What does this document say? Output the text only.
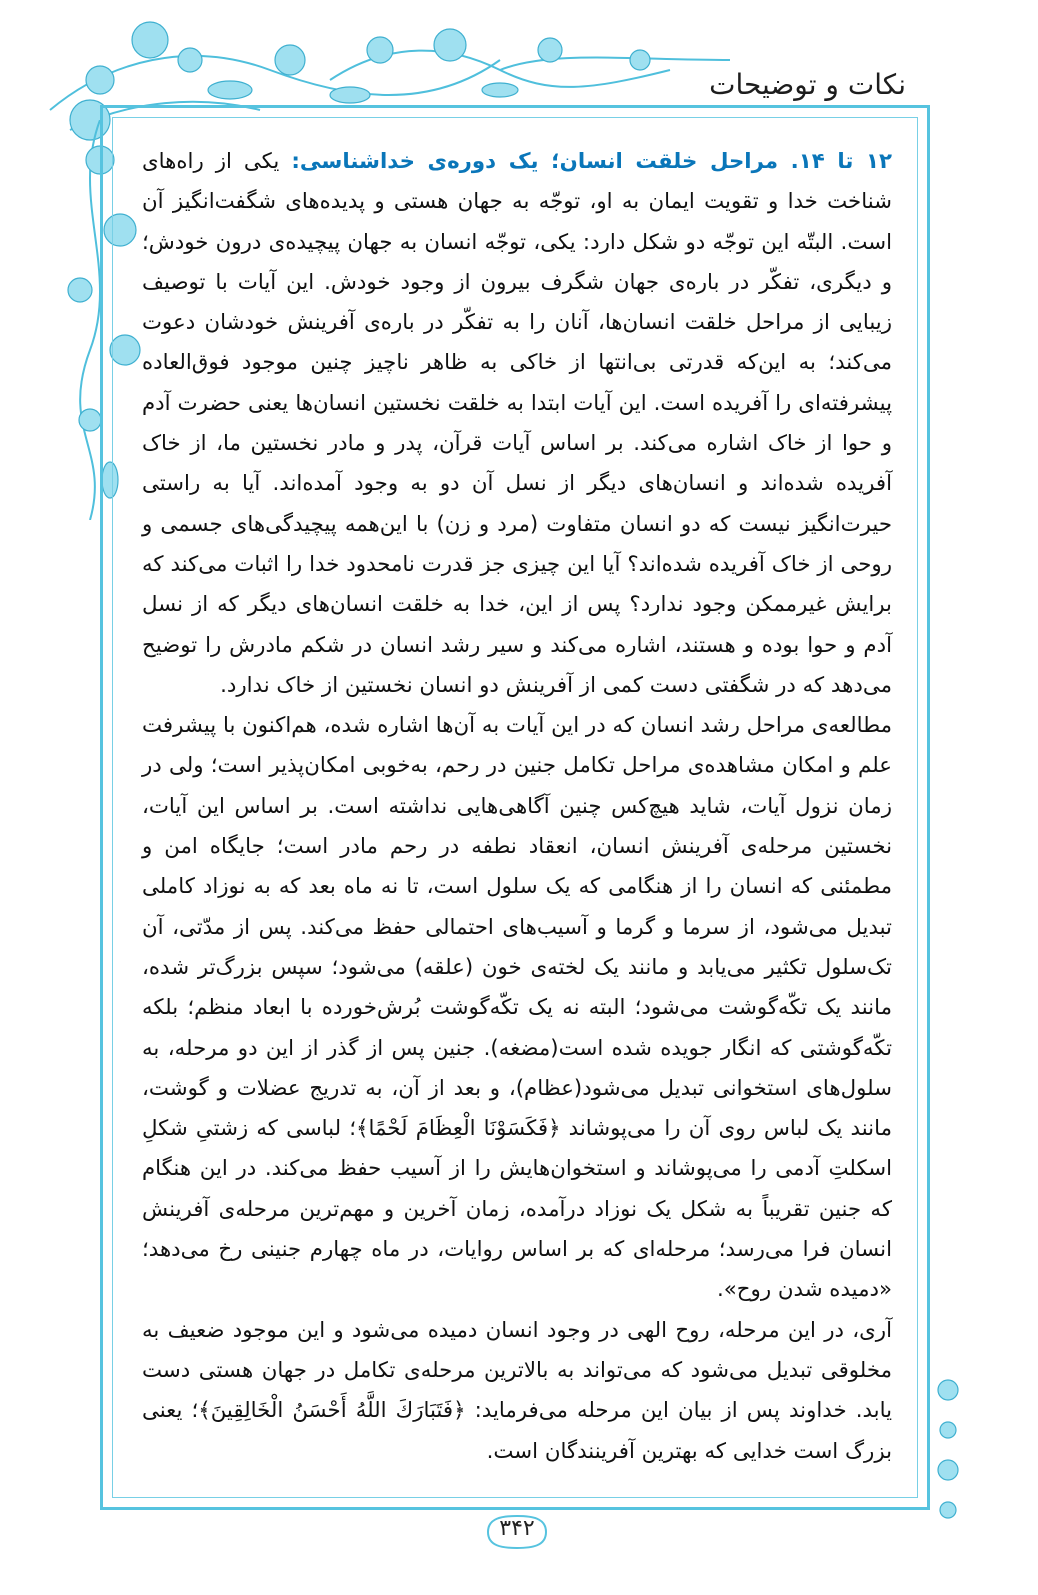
نکات و توضیحات

۱۲ تا ۱۴. مراحل خلقت انسان؛ یک دوره‌ی خداشناسی: یکی از راه‌های شناخت خدا و تقویت ایمان به او، توجّه به جهان هستی و پدیده‌های شگفت‌انگیز آن است. البتّه این توجّه دو شکل دارد: یکی، توجّه انسان به جهان پیچیده‌ی درون خودش؛ و دیگری، تفکّر در باره‌ی جهان شگرف بیرون از وجود خودش. این آیات با توصیف زیبایی از مراحل خلقت انسان‌ها، آنان را به تفکّر در باره‌ی آفرینش خودشان دعوت می‌کند؛ به این‌که قدرتی بی‌انتها از خاکی به ظاهر ناچیز چنین موجود فوق‌العاده پیشرفته‌ای را آفریده است. این آیات ابتدا به خلقت نخستین انسان‌ها یعنی حضرت آدم و حوا از خاک اشاره می‌کند. بر اساس آیات قرآن، پدر و مادر نخستین ما، از خاک آفریده شده‌اند و انسان‌های دیگر از نسل آن دو به وجود آمده‌اند. آیا به راستی حیرت‌انگیز نیست که دو انسان متفاوت (مرد و زن) با این‌همه پیچیدگی‌های جسمی و روحی از خاک آفریده شده‌اند؟ آیا این چیزی جز قدرت نامحدود خدا را اثبات می‌کند که برایش غیرممکن وجود ندارد؟ پس از این، خدا به خلقت انسان‌های دیگر که از نسل آدم و حوا بوده و هستند، اشاره می‌کند و سیر رشد انسان در شکم مادرش را توضیح می‌دهد که در شگفتی دست کمی از آفرینش دو انسان نخستین از خاک ندارد.

مطالعه‌ی مراحل رشد انسان که در این آیات به آن‌ها اشاره شده، هم‌اکنون با پیشرفت علم و امکان مشاهده‌ی مراحل تکامل جنین در رحم، به‌خوبی امکان‌پذیر است؛ ولی در زمان نزول آیات، شاید هیچ‌کس چنین آگاهی‌هایی نداشته است. بر اساس این آیات، نخستین مرحله‌ی آفرینش انسان، انعقاد نطفه در رحم مادر است؛ جایگاه امن و مطمئنی که انسان را از هنگامی که یک سلول است، تا نه ماه بعد که به نوزاد کاملی تبدیل می‌شود، از سرما و گرما و آسیب‌های احتمالی حفظ می‌کند. پس از مدّتی، آن تک‌سلول تکثیر می‌یابد و مانند یک لخته‌ی خون (علقه) می‌شود؛ سپس بزرگ‌تر شده، مانند یک تکّه‌گوشت می‌شود؛ البته نه یک تکّه‌گوشت بُرش‌خورده با ابعاد منظم؛ بلکه تکّه‌گوشتی که انگار جویده شده است(مضغه). جنین پس از گذر از این دو مرحله، به سلول‌های استخوانی تبدیل می‌شود(عظام)، و بعد از آن، به تدریج عضلات و گوشت، مانند یک لباس روی آن را می‌پوشاند ﴿فَکَسَوْنَا الْعِظَامَ لَحْمًا﴾؛ لباسی که زشتیِ شکلِ اسکلتِ آدمی را می‌پوشاند و استخوان‌هایش را از آسیب حفظ می‌کند. در این هنگام که جنین تقریباً به شکل یک نوزاد درآمده، زمان آخرین و مهم‌ترین مرحله‌ی آفرینش انسان فرا می‌رسد؛ مرحله‌ای که بر اساس روایات، در ماه چهارم جنینی رخ می‌دهد؛ «دمیده شدن روح».

آری، در این مرحله، روح الهی در وجود انسان دمیده می‌شود و این موجود ضعیف به مخلوقی تبدیل می‌شود که می‌تواند به بالاترین مرحله‌ی تکامل در جهان هستی دست یابد. خداوند پس از بیان این مرحله می‌فرماید: ﴿فَتَبَارَكَ اللَّهُ أَحْسَنُ الْخَالِقِينَ﴾؛ یعنی بزرگ است خدایی که بهترین آفرینندگان است.

۳۴۲
